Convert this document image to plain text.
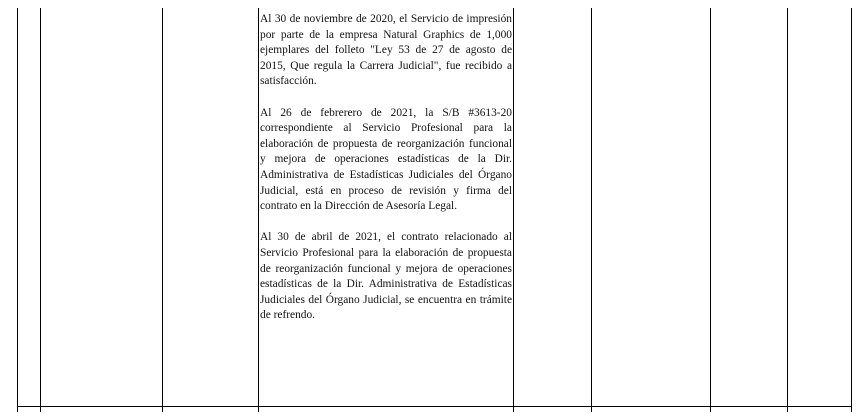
Al 30 de noviembre de 2020, el Servicio de impresión por parte de la empresa Natural Graphics de 1,000 ejemplares del folleto "Ley 53 de 27 de agosto de 2015, Que regula la Carrera Judicial", fue recibido a satisfacción.

Al 26 de febrerero de 2021, la S/B #3613-20 correspondiente al Servicio Profesional para la elaboración de propuesta de reorganización funcional y mejora de operaciones estadísticas de la Dir. Administrativa de Estadísticas Judiciales del Órgano Judicial, está en proceso de revisión y firma del contrato en la Dirección de Asesoría Legal.

Al 30 de abril de 2021, el contrato relacionado al Servicio Profesional para la elaboración de propuesta de reorganización funcional y mejora de operaciones estadísticas de la Dir. Administrativa de Estadísticas Judiciales del Órgano Judicial, se encuentra en trámite de refrendo.
